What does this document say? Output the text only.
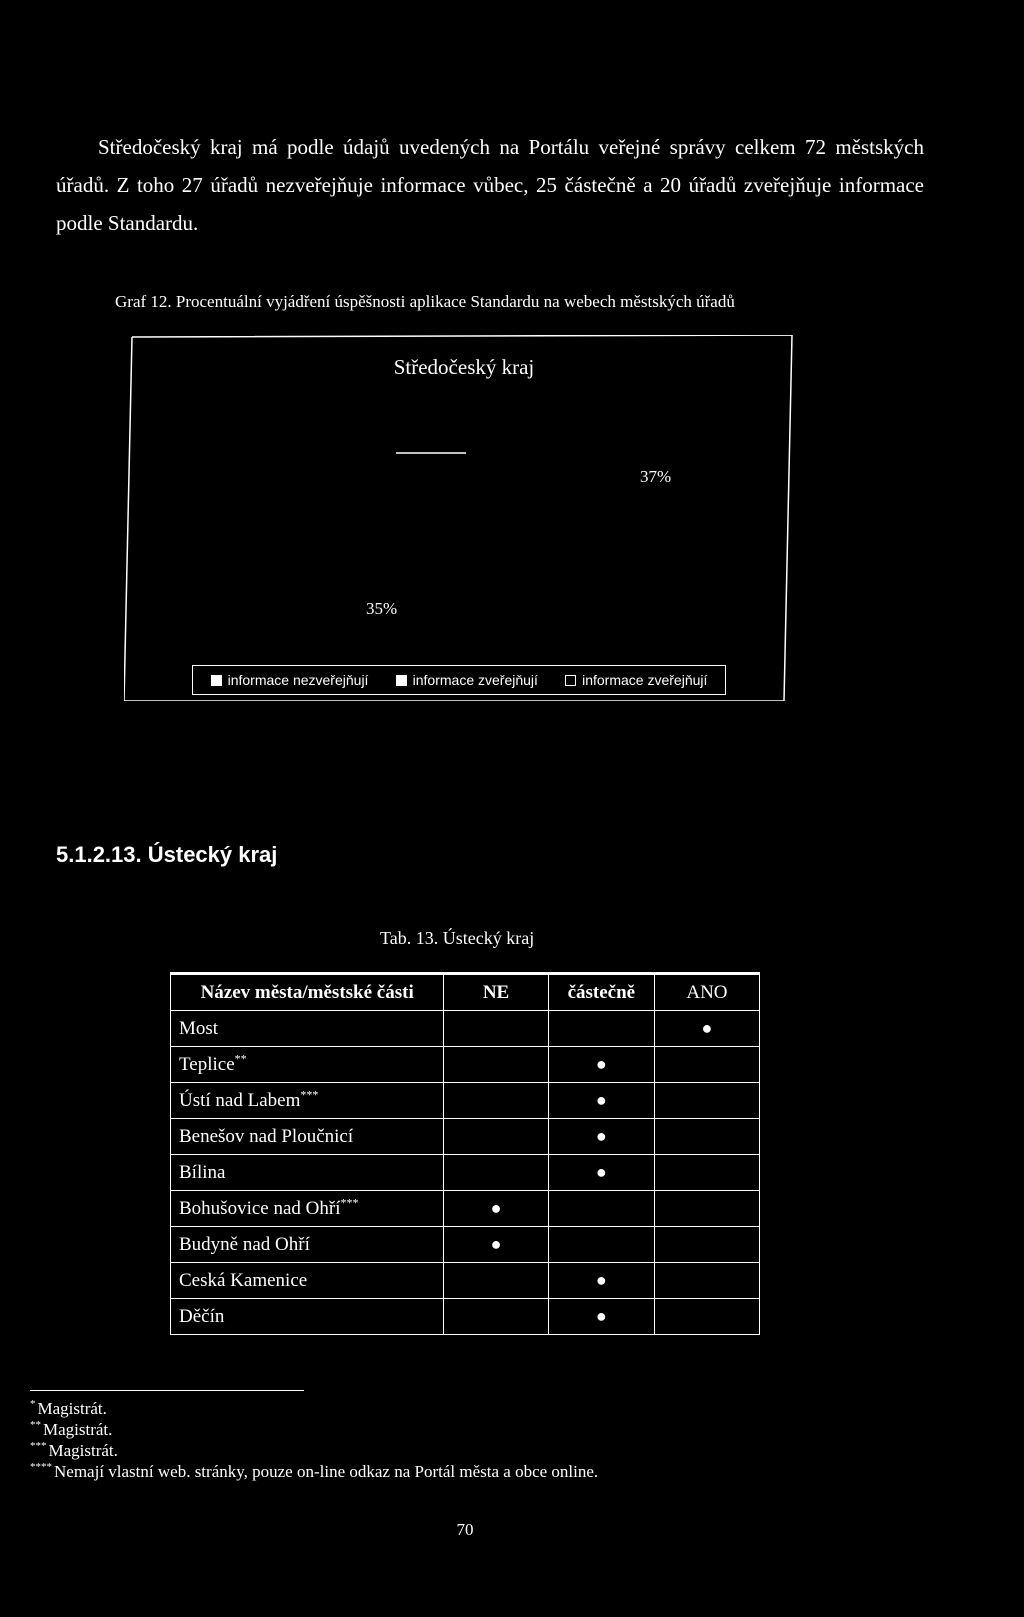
Středočeský kraj má podle údajů uvedených na Portálu veřejné správy celkem 72 městských úřadů. Z toho 27 úřadů nezveřejňuje informace vůbec, 25 částečně a 20 úřadů zveřejňuje informace podle Standardu.

Graf 12. Procentuální vyjádření úspěšnosti aplikace Standardu na webech městských úřadů
Středočeský kraj
37%
35%
informace nezveřejňují	informace zveřejňují	informace zveřejňují
5.1.2.13. Ústecký kraj
Tab. 13. Ústecký kraj
Název města/městské části	NE	částečně	ANO
Most			●
Teplice**		●	
Ústí nad Labem***		●	
Benešov nad Ploučnicí		●	
Bílina		●	
Bohušovice nad Ohří***	●		
Budyně nad Ohří	●		
Ceská Kamenice		●	
Děčín		●	
* Magistrát.
** Magistrát.
*** Magistrát.
**** Nemají vlastní web. stránky, pouze on-line odkaz na Portál města a obce online.
70
